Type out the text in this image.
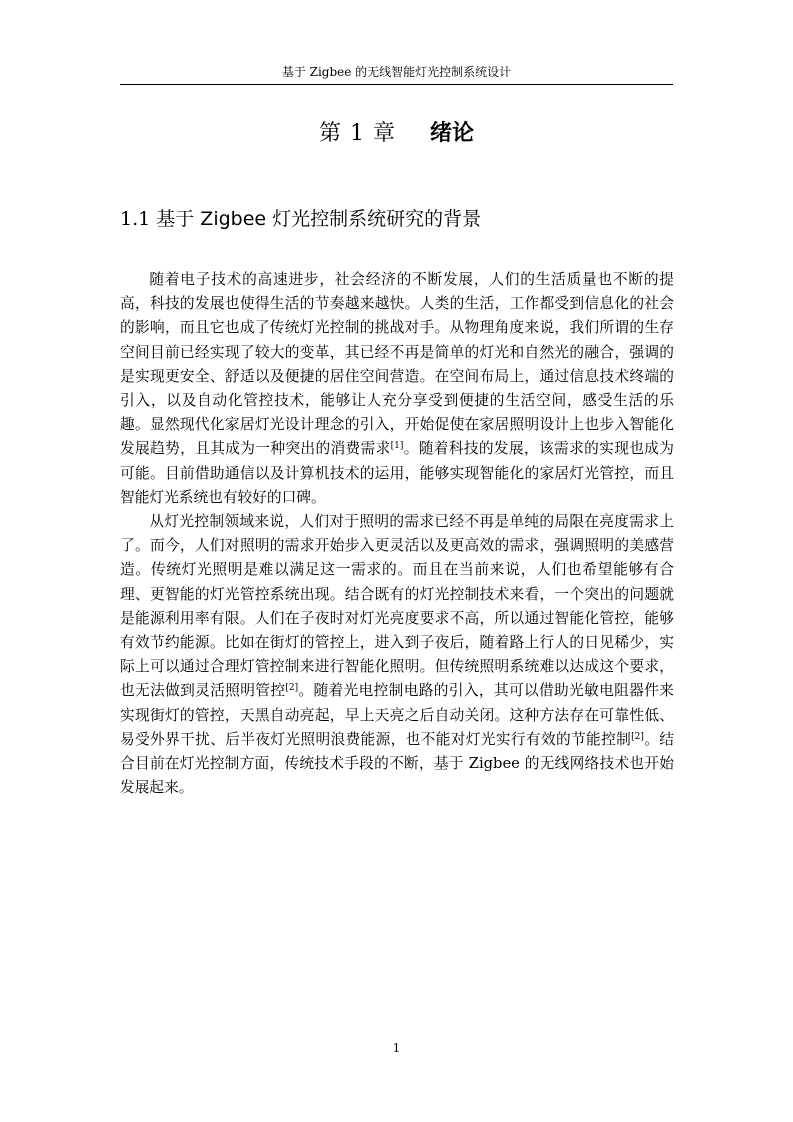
基于 Zigbee 的无线智能灯光控制系统设计
第 1 章 绪论
1.1 基于 Zigbee 灯光控制系统研究的背景

随着电子技术的高速进步，社会经济的不断发展，人们的生活质量也不断的提高，科技的发展也使得生活的节奏越来越快。人类的生活，工作都受到信息化的社会的影响，而且它也成了传统灯光控制的挑战对手。从物理角度来说，我们所谓的生存空间目前已经实现了较大的变革，其已经不再是简单的灯光和自然光的融合，强调的是实现更安全、舒适以及便捷的居住空间营造。在空间布局上，通过信息技术终端的引入，以及自动化管控技术，能够让人充分享受到便捷的生活空间，感受生活的乐趣。显然现代化家居灯光设计理念的引入，开始促使在家居照明设计上也步入智能化发展趋势，且其成为一种突出的消费需求[1]。随着科技的发展，该需求的实现也成为可能。目前借助通信以及计算机技术的运用，能够实现智能化的家居灯光管控，而且智能灯光系统也有较好的口碑。

从灯光控制领域来说，人们对于照明的需求已经不再是单纯的局限在亮度需求上了。而今，人们对照明的需求开始步入更灵活以及更高效的需求，强调照明的美感营造。传统灯光照明是难以满足这一需求的。而且在当前来说，人们也希望能够有合理、更智能的灯光管控系统出现。结合既有的灯光控制技术来看，一个突出的问题就是能源利用率有限。人们在子夜时对灯光亮度要求不高，所以通过智能化管控，能够有效节约能源。比如在街灯的管控上，进入到子夜后，随着路上行人的日见稀少，实际上可以通过合理灯管控制来进行智能化照明。但传统照明系统难以达成这个要求，也无法做到灵活照明管控[2]。随着光电控制电路的引入，其可以借助光敏电阻器件来实现街灯的管控，天黑自动亮起，早上天亮之后自动关闭。这种方法存在可靠性低、易受外界干扰、后半夜灯光照明浪费能源，也不能对灯光实行有效的节能控制[2]。结合目前在灯光控制方面，传统技术手段的不断，基于 Zigbee 的无线网络技术也开始发展起来。

1
